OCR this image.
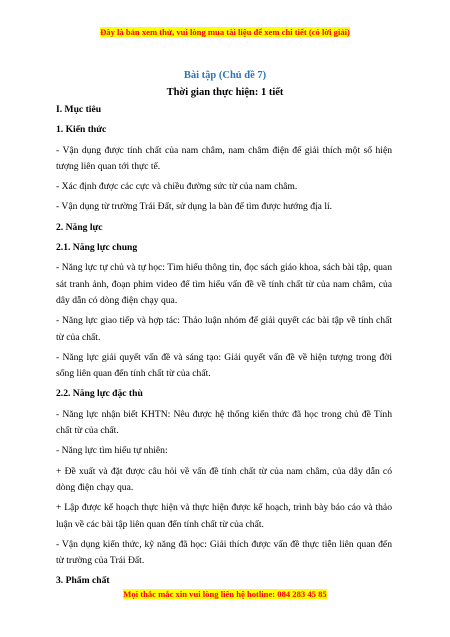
Đây là bản xem thử, vui lòng mua tài liệu để xem chi tiết (có lời giải)
Bài tập (Chủ đề 7)
Thời gian thực hiện: 1 tiết

I. Mục tiêu

1. Kiến thức

- Vận dụng được tính chất của nam châm, nam châm điện để giải thích một số hiện tượng liên quan tới thực tế.

- Xác định được các cực và chiều đường sức từ của nam châm.

- Vận dụng từ trường Trái Đất, sử dụng la bàn để tìm được hướng địa lí.

2. Năng lực

2.1. Năng lực chung

- Năng lực tự chủ và tự học: Tìm hiểu thông tin, đọc sách giáo khoa, sách bài tập, quan sát tranh ảnh, đoạn phim video để tìm hiểu vấn đề về tính chất từ của nam châm, của dây dẫn có dòng điện chạy qua.

- Năng lực giao tiếp và hợp tác: Thảo luận nhóm để giải quyết các bài tập về tính chất từ của chất.

- Năng lực giải quyết vấn đề và sáng tạo: Giải quyết vấn đề về hiện tượng trong đời sống liên quan đến tính chất từ của chất.

2.2. Năng lực đặc thù

- Năng lực nhận biết KHTN: Nêu được hệ thống kiến thức đã học trong chủ đề Tính chất từ của chất.

- Năng lực tìm hiểu tự nhiên:

+ Đề xuất và đặt được câu hỏi về vấn đề tính chất từ của nam châm, của dây dẫn có dòng điện chạy qua.

+ Lập được kế hoạch thực hiện và thực hiện được kế hoạch, trình bày báo cáo và thảo luận về các bài tập liên quan đến tính chất từ của chất.

- Vận dụng kiến thức, kỹ năng đã học: Giải thích được vấn đề thực tiễn liên quan đến từ trường của Trái Đất.

3. Phẩm chất

Mọi thắc mắc xin vui lòng liên hệ hotline: 084 283 45 85
